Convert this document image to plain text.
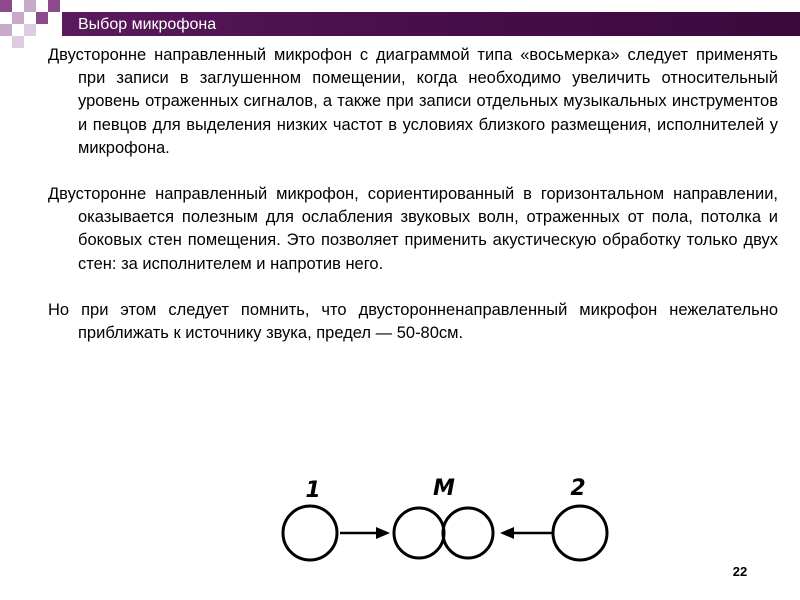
Выбор микрофона

Двусторонне направленный микрофон с диаграммой типа «восьмерка» следует применять при записи в заглушенном помещении, когда необходимо увеличить относительный уровень отраженных сигналов, а также при записи отдельных музыкальных инструментов и певцов для выделения низких частот в условиях близкого размещения, исполнителей у микрофона.

Двусторонне направленный микрофон, сориентированный в горизонтальном направлении, оказывается полезным для ослабления звуковых волн, отраженных от пола, потолка и боковых стен помещения. Это позволяет применить акустическую обработку только двух стен: за исполнителем и напротив него.

Но при этом следует помнить, что двусторонненаправленный микрофон нежелательно приближать к источнику звука, предел — 50-80см.

1	М	2
22
